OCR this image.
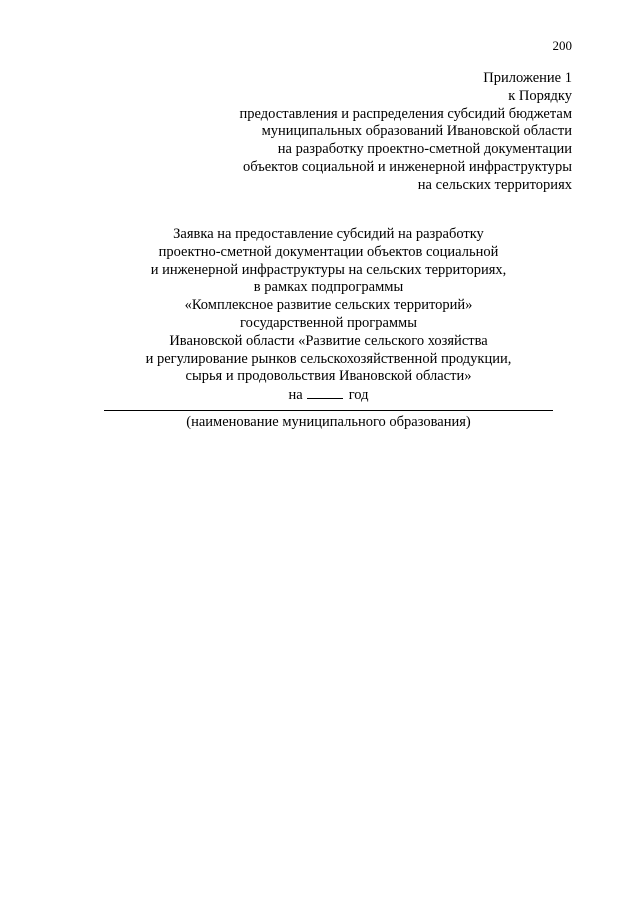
200
Приложение 1
к Порядку
предоставления и распределения субсидий бюджетам
муниципальных образований Ивановской области
на разработку проектно-сметной документации
объектов социальной и инженерной инфраструктуры
на сельских территориях
Заявка на предоставление субсидий на разработку
проектно-сметной документации объектов социальной
и инженерной инфраструктуры на сельских территориях,
в рамках подпрограммы
«Комплексное развитие сельских территорий»
государственной программы
Ивановской области «Развитие сельского хозяйства
и регулирование рынков сельскохозяйственной продукции,
сырья и продовольствия Ивановской области»
на	год
(наименование муниципального образования)
